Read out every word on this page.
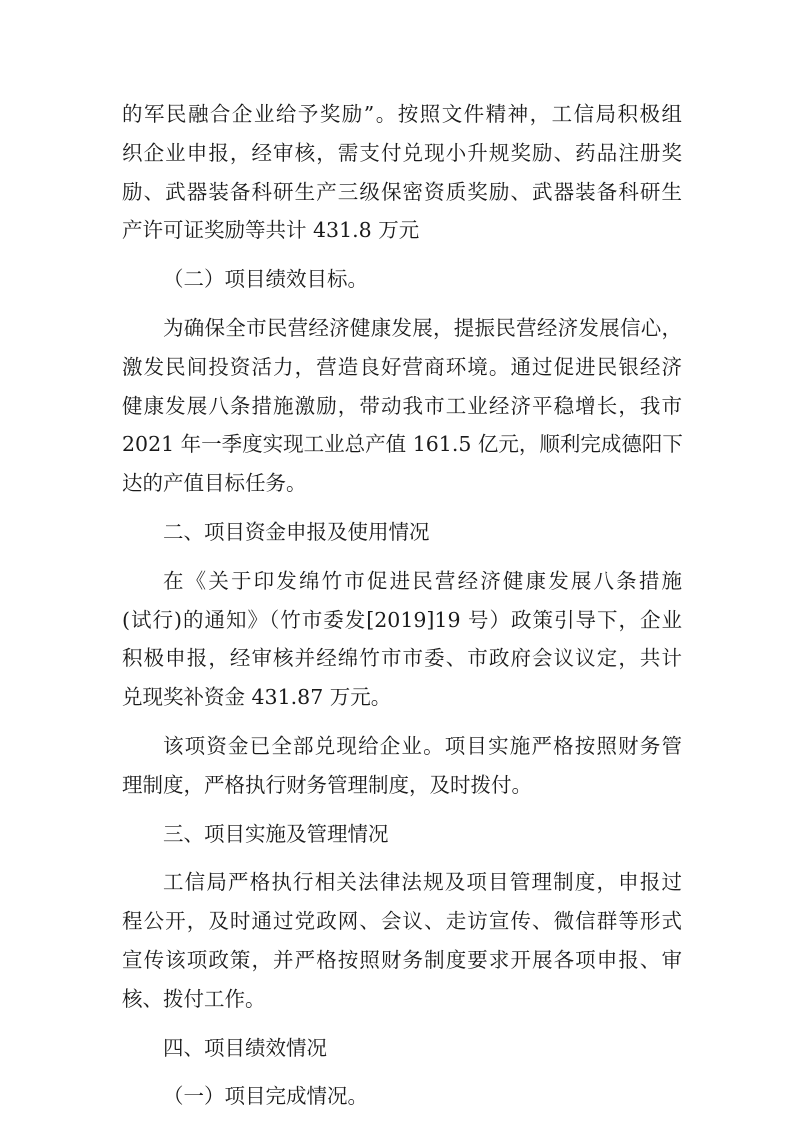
的军民融合企业给予奖励”。按照文件精神，工信局积极组
织企业申报，经审核，需支付兑现小升规奖励、药品注册奖
励、武器装备科研生产三级保密资质奖励、武器装备科研生
产许可证奖励等共计 431.8 万元
（二）项目绩效目标。
为确保全市民营经济健康发展，提振民营经济发展信心，
激发民间投资活力，营造良好营商环境。通过促进民银经济
健康发展八条措施激励，带动我市工业经济平稳增长，我市
2021 年一季度实现工业总产值 161.5 亿元，顺利完成德阳下
达的产值目标任务。
二、项目资金申报及使用情况
在《关于印发绵竹市促进民营经济健康发展八条措施
(试行)的通知》（竹市委发[2019]19 号）政策引导下，企业
积极申报，经审核并经绵竹市市委、市政府会议议定，共计
兑现奖补资金 431.87 万元。
该项资金已全部兑现给企业。项目实施严格按照财务管
理制度，严格执行财务管理制度，及时拨付。
三、项目实施及管理情况
工信局严格执行相关法律法规及项目管理制度，申报过
程公开，及时通过党政网、会议、走访宣传、微信群等形式
宣传该项政策，并严格按照财务制度要求开展各项申报、审
核、拨付工作。
四、项目绩效情况
（一）项目完成情况。
